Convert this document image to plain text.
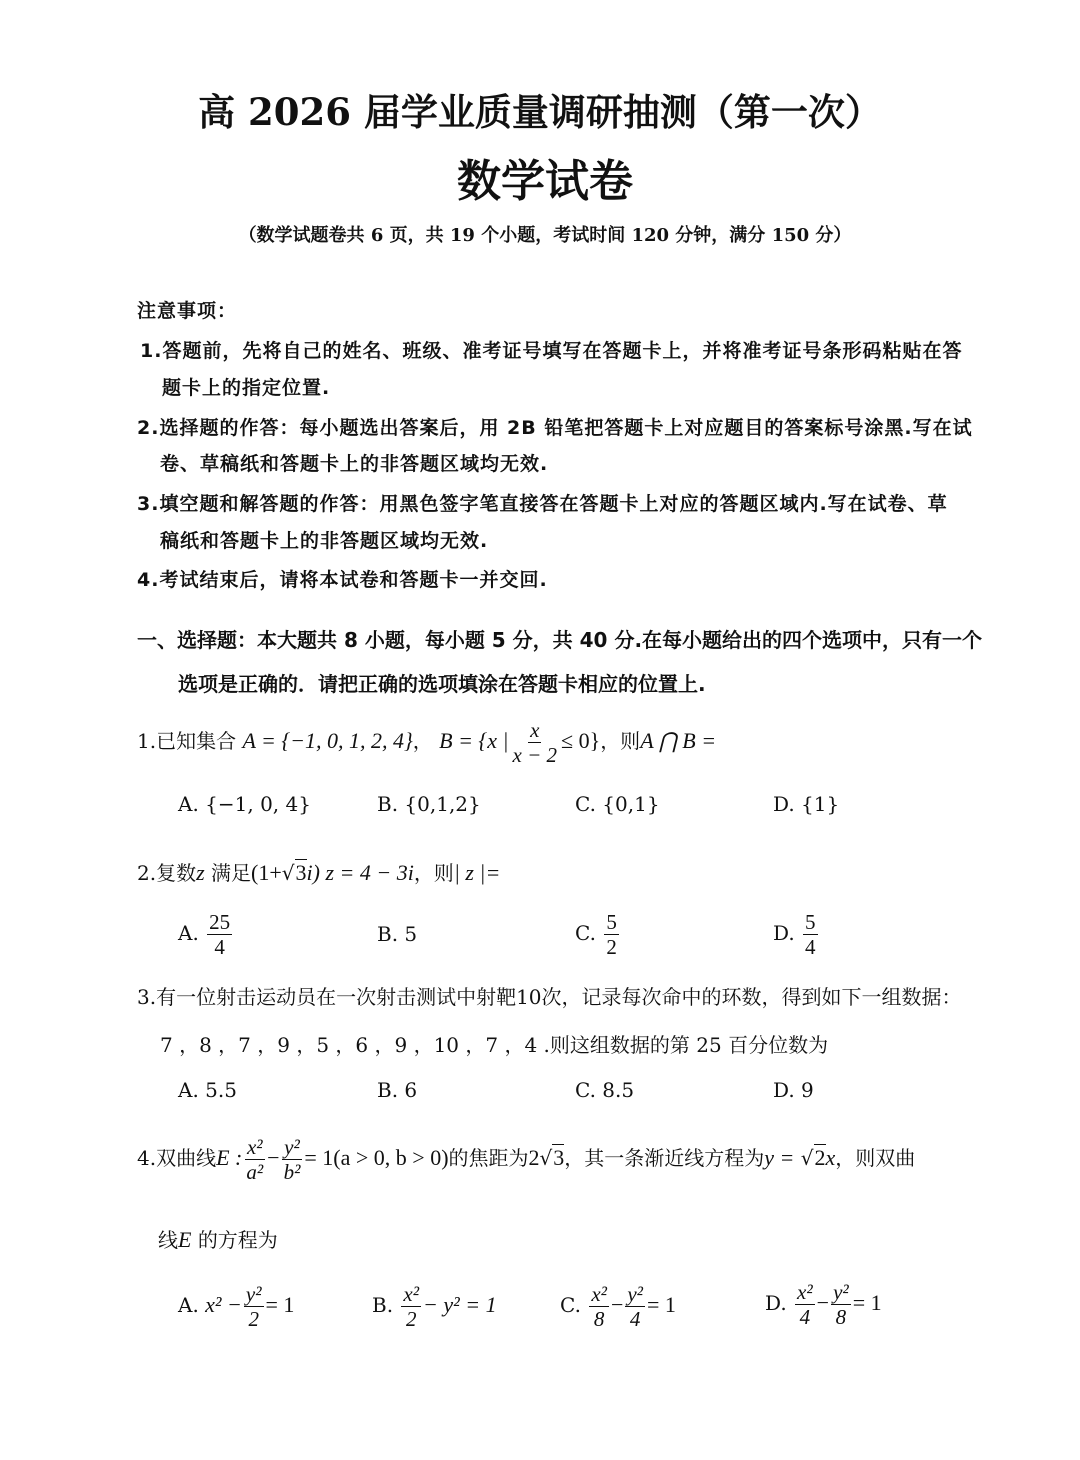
高 2026 届学业质量调研抽测（第一次）
数学试卷
（数学试题卷共 6 页，共 19 个小题，考试时间 120 分钟，满分 150 分）
注意事项：
1.答题前，先将自己的姓名、班级、准考证号填写在答题卡上，并将准考证号条形码粘贴在答
题卡上的指定位置.
2.选择题的作答：每小题选出答案后，用 2B 铅笔把答题卡上对应题目的答案标号涂黑.写在试
卷、草稿纸和答题卡上的非答题区域均无效.
3.填空题和解答题的作答：用黑色签字笔直接答在答题卡上对应的答题区域内.写在试卷、草
稿纸和答题卡上的非答题区域均无效.
4.考试结束后，请将本试卷和答题卡一并交回.
一、选择题：本大题共 8 小题，每小题 5 分，共 40 分.在每小题给出的四个选项中，只有一个
选项是正确的．请把正确的选项填涂在答题卡相应的位置上.
1.已知集合 A = {−1, 0, 1, 2, 4}， B = {x | $\frac{x}{x - 2} \le 0$}，则A ⋂ B =
A. {−1, 0, 4}	B. {0,1,2}	C. {0,1}	D. {1}
2.复数z 满足(1+√3i) z = 4 − 3i，则| z |=
A. $\frac{25}{4}$	B. 5	C. $\frac{5}{2}$	D. $\frac{5}{4}$
3.有一位射击运动员在一次射击测试中射靶10次，记录每次命中的环数，得到如下一组数据：
7 ，8 ，7 ，9 ，5 ，6 ，9 ，10 ，7 ，4 .则这组数据的第 25 百分位数为
A. 5.5	B. 6	C. 8.5	D. 9
4.双曲线E : $\frac{\text{x²}}{\text{a²}} - \frac{\text{y²}}{\text{b²}} = 1(a > 0$, b > 0)的焦距为2√3，其一条渐近线方程为y = √2x，则双曲
线E 的方程为
A. $x^2 - \frac{\text{y²}}{2} = 1$	B. $\frac{\text{x²}}{2} - y^2 = 1$	C. $\frac{\text{x²}}{8} - \frac{\text{y²}}{4} = 1$	D. $\frac{\text{x²}}{4} - \frac{\text{y²}}{8} = 1$
